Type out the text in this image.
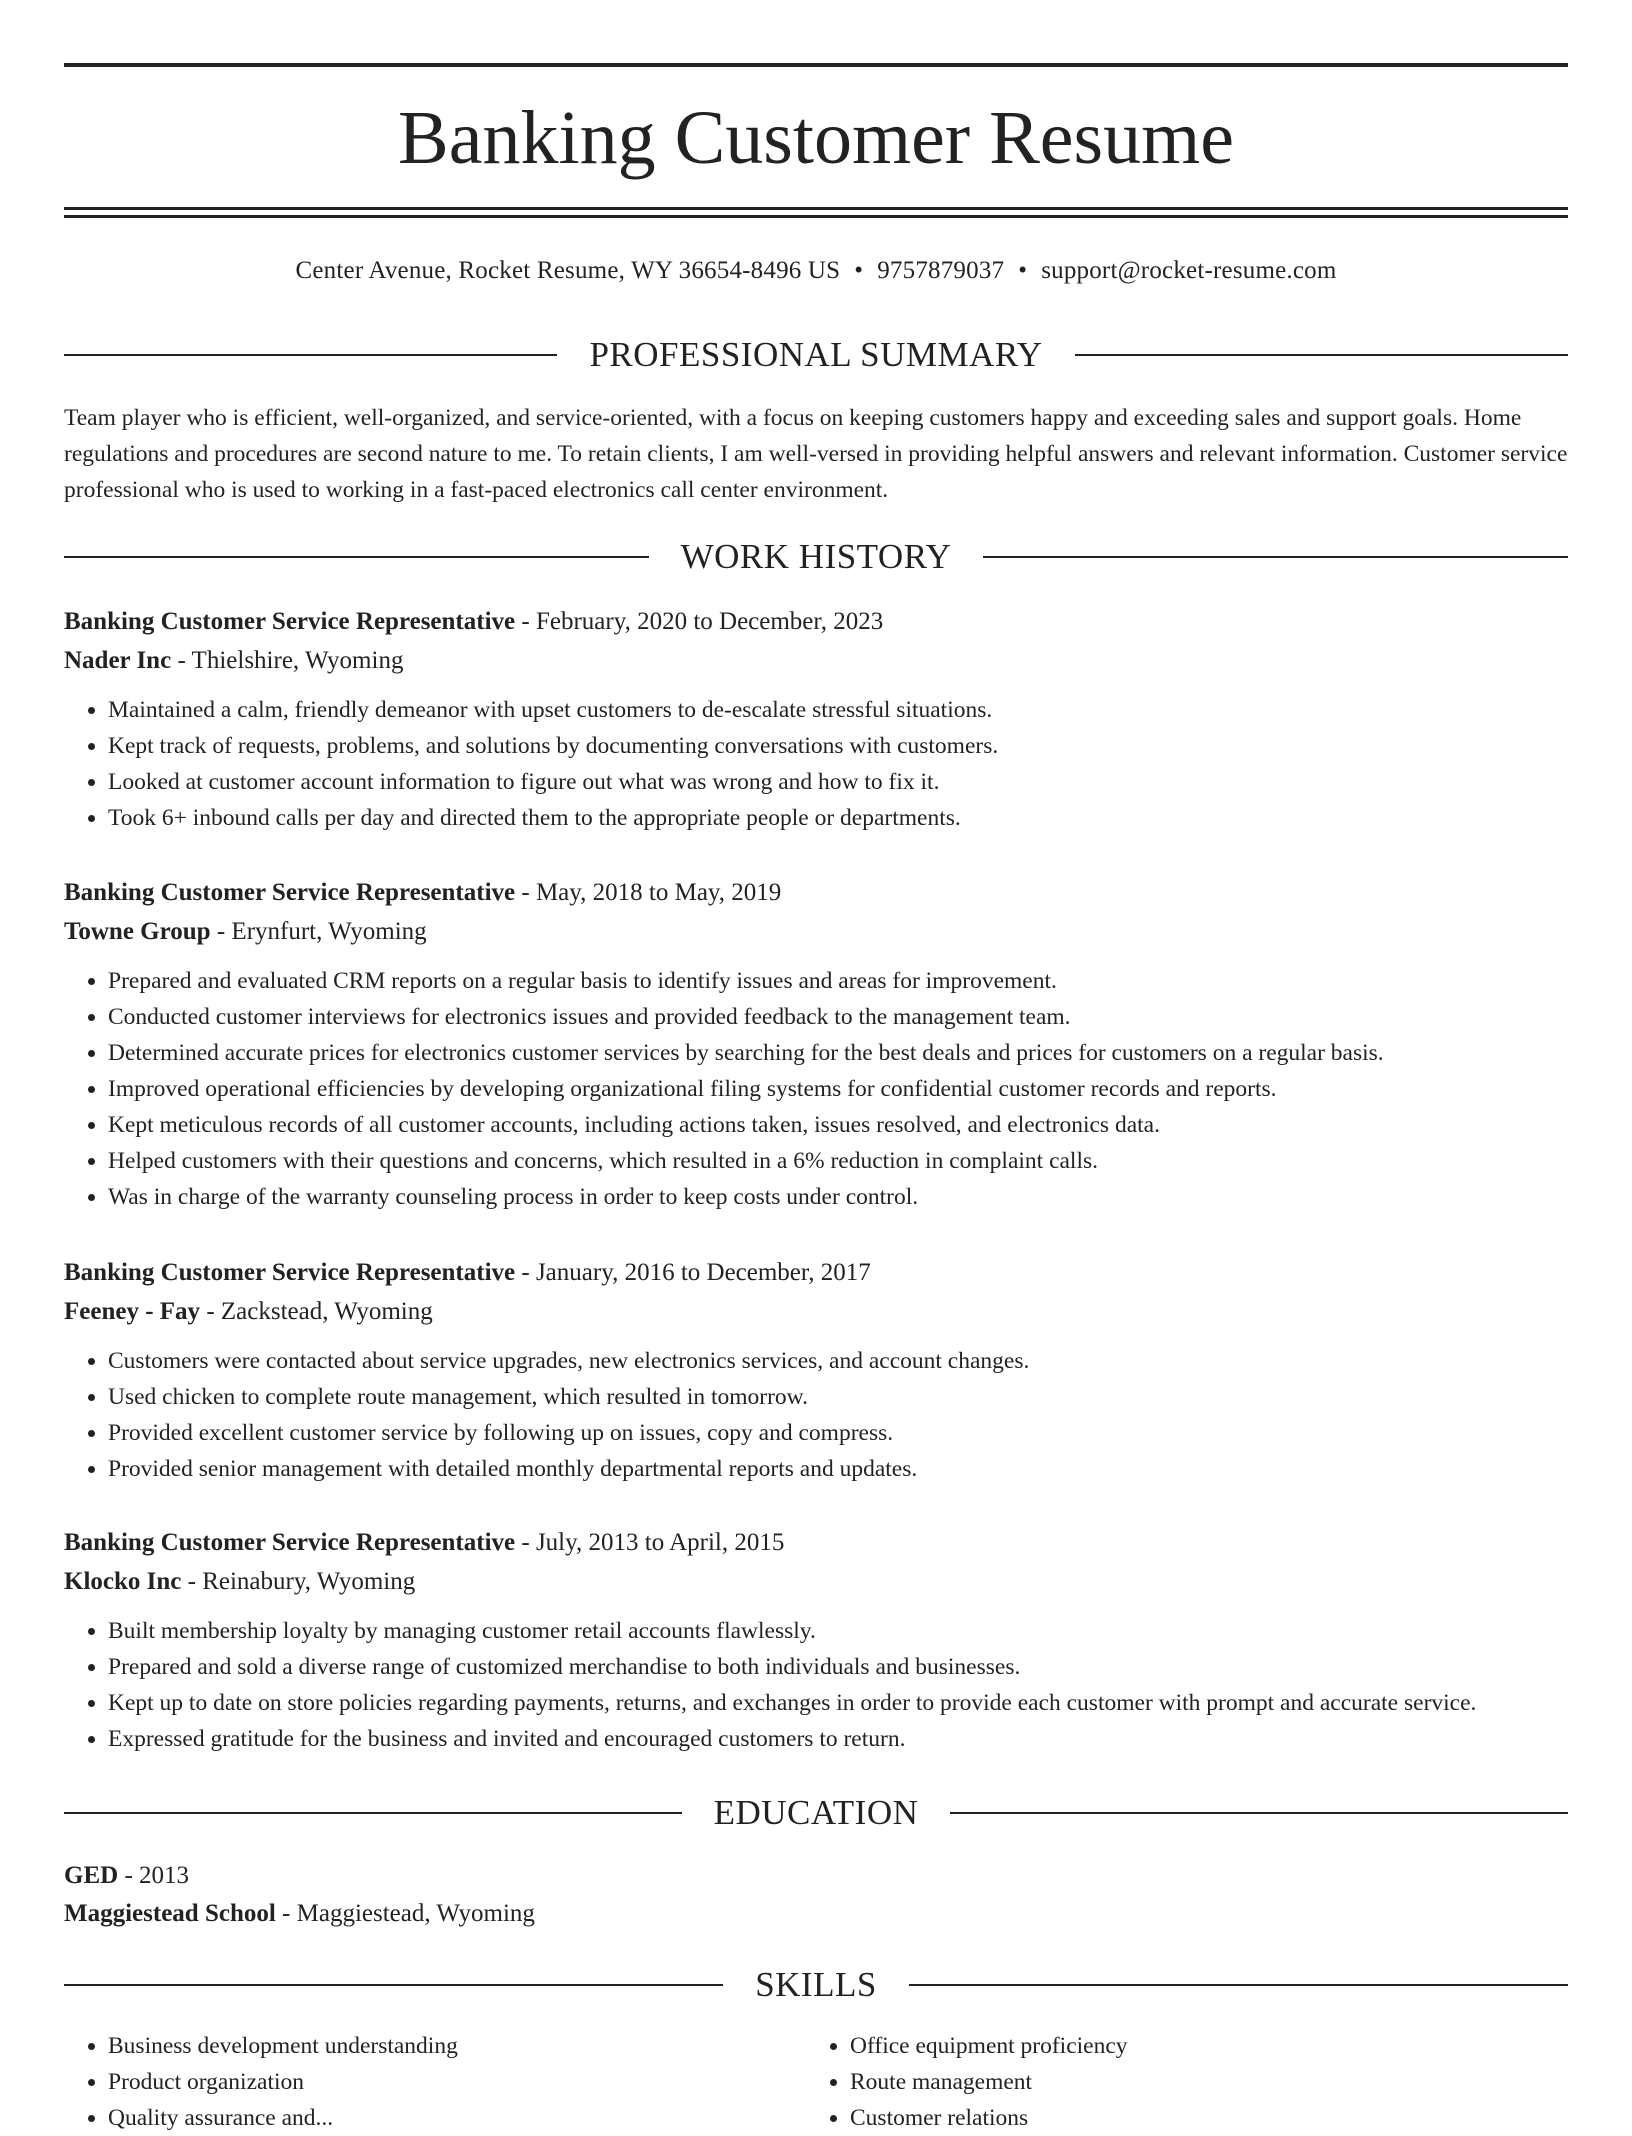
Banking Customer Resume
Center Avenue, Rocket Resume, WY 36654-8496 US • 9757879037 • support@rocket-resume.com
PROFESSIONAL SUMMARY

Team player who is efficient, well-organized, and service-oriented, with a focus on keeping customers happy and exceeding sales and support goals. Home regulations and procedures are second nature to me. To retain clients, I am well-versed in providing helpful answers and relevant information. Customer service professional who is used to working in a fast-paced electronics call center environment.

WORK HISTORY
Banking Customer Service Representative - February, 2020 to December, 2023
Nader Inc - Thielshire, Wyoming
• Maintained a calm, friendly demeanor with upset customers to de-escalate stressful situations.
• Kept track of requests, problems, and solutions by documenting conversations with customers.
• Looked at customer account information to figure out what was wrong and how to fix it.
• Took 6+ inbound calls per day and directed them to the appropriate people or departments.
Banking Customer Service Representative - May, 2018 to May, 2019
Towne Group - Erynfurt, Wyoming
• Prepared and evaluated CRM reports on a regular basis to identify issues and areas for improvement.
• Conducted customer interviews for electronics issues and provided feedback to the management team.
• Determined accurate prices for electronics customer services by searching for the best deals and prices for customers on a regular basis.
• Improved operational efficiencies by developing organizational filing systems for confidential customer records and reports.
• Kept meticulous records of all customer accounts, including actions taken, issues resolved, and electronics data.
• Helped customers with their questions and concerns, which resulted in a 6% reduction in complaint calls.
• Was in charge of the warranty counseling process in order to keep costs under control.
Banking Customer Service Representative - January, 2016 to December, 2017
Feeney - Fay - Zackstead, Wyoming
• Customers were contacted about service upgrades, new electronics services, and account changes.
• Used chicken to complete route management, which resulted in tomorrow.
• Provided excellent customer service by following up on issues, copy and compress.
• Provided senior management with detailed monthly departmental reports and updates.
Banking Customer Service Representative - July, 2013 to April, 2015
Klocko Inc - Reinabury, Wyoming
• Built membership loyalty by managing customer retail accounts flawlessly.
• Prepared and sold a diverse range of customized merchandise to both individuals and businesses.
• Kept up to date on store policies regarding payments, returns, and exchanges in order to provide each customer with prompt and accurate service.
• Expressed gratitude for the business and invited and encouraged customers to return.
EDUCATION
GED - 2013
Maggiestead School - Maggiestead, Wyoming
SKILLS
• Business development understanding
• Product organization
• Quality assurance and...
• Office equipment proficiency
• Route management
• Customer relations
